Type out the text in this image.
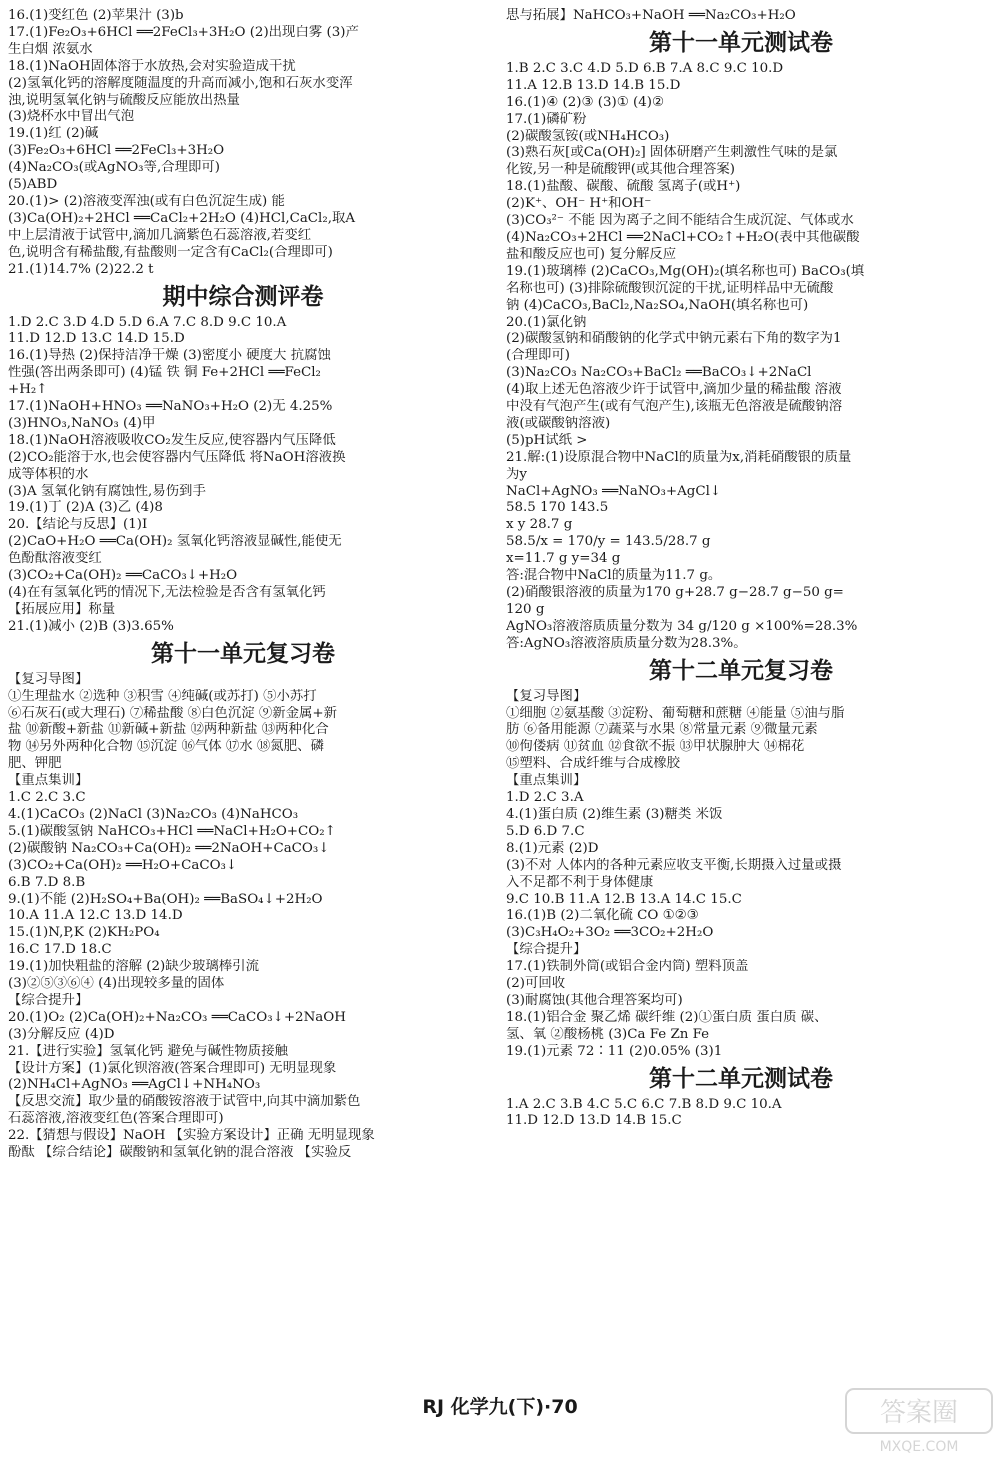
16.(1)变红色 (2)苹果汁 (3)b
17.(1)Fe₂O₃+6HCl ══2FeCl₃+3H₂O (2)出现白雾 (3)产
生白烟 浓氨水
18.(1)NaOH固体溶于水放热,会对实验造成干扰
(2)氢氧化钙的溶解度随温度的升高而减小,饱和石灰水变浑
浊,说明氢氧化钠与硫酸反应能放出热量
(3)烧杯水中冒出气泡
19.(1)红 (2)碱
(3)Fe₂O₃+6HCl ══2FeCl₃+3H₂O
(4)Na₂CO₃(或AgNO₃等,合理即可)
(5)ABD
20.(1)> (2)溶液变浑浊(或有白色沉淀生成) 能
(3)Ca(OH)₂+2HCl ══CaCl₂+2H₂O (4)HCl,CaCl₂,取A
中上层清液于试管中,滴加几滴紫色石蕊溶液,若变红
色,说明含有稀盐酸,有盐酸则一定含有CaCl₂(合理即可)
21.(1)14.7% (2)22.2 t
期中综合测评卷
1.D 2.C 3.D 4.D 5.D 6.A 7.C 8.D 9.C 10.A
11.D 12.D 13.C 14.D 15.D
16.(1)导热 (2)保持洁净干燥 (3)密度小 硬度大 抗腐蚀
性强(答出两条即可) (4)锰 铁 铜 Fe+2HCl ══FeCl₂
+H₂↑
17.(1)NaOH+HNO₃ ══NaNO₃+H₂O (2)无 4.25%
(3)HNO₃,NaNO₃ (4)甲
18.(1)NaOH溶液吸收CO₂发生反应,使容器内气压降低
(2)CO₂能溶于水,也会使容器内气压降低 将NaOH溶液换
成等体积的水
(3)A 氢氧化钠有腐蚀性,易伤到手
19.(1)丁 (2)A (3)乙 (4)8
20.【结论与反思】(1)Ⅰ
(2)CaO+H₂O ══Ca(OH)₂ 氢氧化钙溶液显碱性,能使无
色酚酞溶液变红
(3)CO₂+Ca(OH)₂ ══CaCO₃↓+H₂O
(4)在有氢氧化钙的情况下,无法检验是否含有氢氧化钙
【拓展应用】称量
21.(1)减小 (2)B (3)3.65%
第十一单元复习卷
【复习导图】
①生理盐水 ②选种 ③积雪 ④纯碱(或苏打) ⑤小苏打
⑥石灰石(或大理石) ⑦稀盐酸 ⑧白色沉淀 ⑨新金属+新
盐 ⑩新酸+新盐 ⑪新碱+新盐 ⑫两种新盐 ⑬两种化合
物 ⑭另外两种化合物 ⑮沉淀 ⑯气体 ⑰水 ⑱氮肥、磷
肥、钾肥
【重点集训】
1.C 2.C 3.C
4.(1)CaCO₃ (2)NaCl (3)Na₂CO₃ (4)NaHCO₃
5.(1)碳酸氢钠 NaHCO₃+HCl ══NaCl+H₂O+CO₂↑
(2)碳酸钠 Na₂CO₃+Ca(OH)₂ ══2NaOH+CaCO₃↓
(3)CO₂+Ca(OH)₂ ══H₂O+CaCO₃↓
6.B 7.D 8.B
9.(1)不能 (2)H₂SO₄+Ba(OH)₂ ══BaSO₄↓+2H₂O
10.A 11.A 12.C 13.D 14.D
15.(1)N,P,K (2)KH₂PO₄
16.C 17.D 18.C
19.(1)加快粗盐的溶解 (2)缺少玻璃棒引流
(3)②⑤③⑥④ (4)出现较多量的固体
【综合提升】
20.(1)O₂ (2)Ca(OH)₂+Na₂CO₃ ══CaCO₃↓+2NaOH
(3)分解反应 (4)D
21.【进行实验】氢氧化钙 避免与碱性物质接触
【设计方案】(1)氯化钡溶液(答案合理即可) 无明显现象
(2)NH₄Cl+AgNO₃ ══AgCl↓+NH₄NO₃
【反思交流】取少量的硝酸铵溶液于试管中,向其中滴加紫色
石蕊溶液,溶液变红色(答案合理即可)
22.【猜想与假设】NaOH 【实验方案设计】正确 无明显现象
酚酞 【综合结论】碳酸钠和氢氧化钠的混合溶液 【实验反
思与拓展】NaHCO₃+NaOH ══Na₂CO₃+H₂O
第十一单元测试卷
1.B 2.C 3.C 4.D 5.D 6.B 7.A 8.C 9.C 10.D
11.A 12.B 13.D 14.B 15.D
16.(1)④ (2)③ (3)① (4)②
17.(1)磷矿粉
(2)碳酸氢铵(或NH₄HCO₃)
(3)熟石灰[或Ca(OH)₂] 固体研磨产生刺激性气味的是氯
化铵,另一种是硫酸钾(或其他合理答案)
18.(1)盐酸、碳酸、硫酸 氢离子(或H⁺)
(2)K⁺、OH⁻ H⁺和OH⁻
(3)CO₃²⁻ 不能 因为离子之间不能结合生成沉淀、气体或水
(4)Na₂CO₃+2HCl ══2NaCl+CO₂↑+H₂O(表中其他碳酸
盐和酸反应也可) 复分解反应
19.(1)玻璃棒 (2)CaCO₃,Mg(OH)₂(填名称也可) BaCO₃(填
名称也可) (3)排除硫酸钡沉淀的干扰,证明样品中无硫酸
钠 (4)CaCO₃,BaCl₂,Na₂SO₄,NaOH(填名称也可)
20.(1)氯化钠
(2)碳酸氢钠和硝酸钠的化学式中钠元素右下角的数字为1
(合理即可)
(3)Na₂CO₃ Na₂CO₃+BaCl₂ ══BaCO₃↓+2NaCl
(4)取上述无色溶液少许于试管中,滴加少量的稀盐酸 溶液
中没有气泡产生(或有气泡产生),该瓶无色溶液是硫酸钠溶
液(或碳酸钠溶液)
(5)pH试纸 >
21.解:(1)设原混合物中NaCl的质量为x,消耗硝酸银的质量
为y
NaCl+AgNO₃ ══NaNO₃+AgCl↓
58.5 170 143.5
x y 28.7 g
58.5/x = 170/y = 143.5/28.7 g
x=11.7 g y=34 g
答:混合物中NaCl的质量为11.7 g。
(2)硝酸银溶液的质量为170 g+28.7 g−28.7 g−50 g=
120 g
AgNO₃溶液溶质质量分数为 34 g/120 g ×100%=28.3%
答:AgNO₃溶液溶质质量分数为28.3%。
第十二单元复习卷
【复习导图】
①细胞 ②氨基酸 ③淀粉、葡萄糖和蔗糖 ④能量 ⑤油与脂
肪 ⑥备用能源 ⑦蔬菜与水果 ⑧常量元素 ⑨微量元素
⑩佝偻病 ⑪贫血 ⑫食欲不振 ⑬甲状腺肿大 ⑭棉花
⑮塑料、合成纤维与合成橡胶
【重点集训】
1.D 2.C 3.A
4.(1)蛋白质 (2)维生素 (3)糖类 米饭
5.D 6.D 7.C
8.(1)元素 (2)D
(3)不对 人体内的各种元素应收支平衡,长期摄入过量或摄
入不足都不利于身体健康
9.C 10.B 11.A 12.B 13.A 14.C 15.C
16.(1)B (2)二氧化硫 CO ①②③
(3)C₃H₄O₂+3O₂ ══3CO₂+2H₂O
【综合提升】
17.(1)铁制外筒(或铝合金内筒) 塑料顶盖
(2)可回收
(3)耐腐蚀(其他合理答案均可)
18.(1)铝合金 聚乙烯 碳纤维 (2)①蛋白质 蛋白质 碳、
氢、氧 ②酸杨桃 (3)Ca Fe Zn Fe
19.(1)元素 72∶11 (2)0.05% (3)1
第十二单元测试卷
1.A 2.C 3.B 4.C 5.C 6.C 7.B 8.D 9.C 10.A
11.D 12.D 13.D 14.B 15.C
RJ 化学九(下)·70	答案圈
MXQE.COM
